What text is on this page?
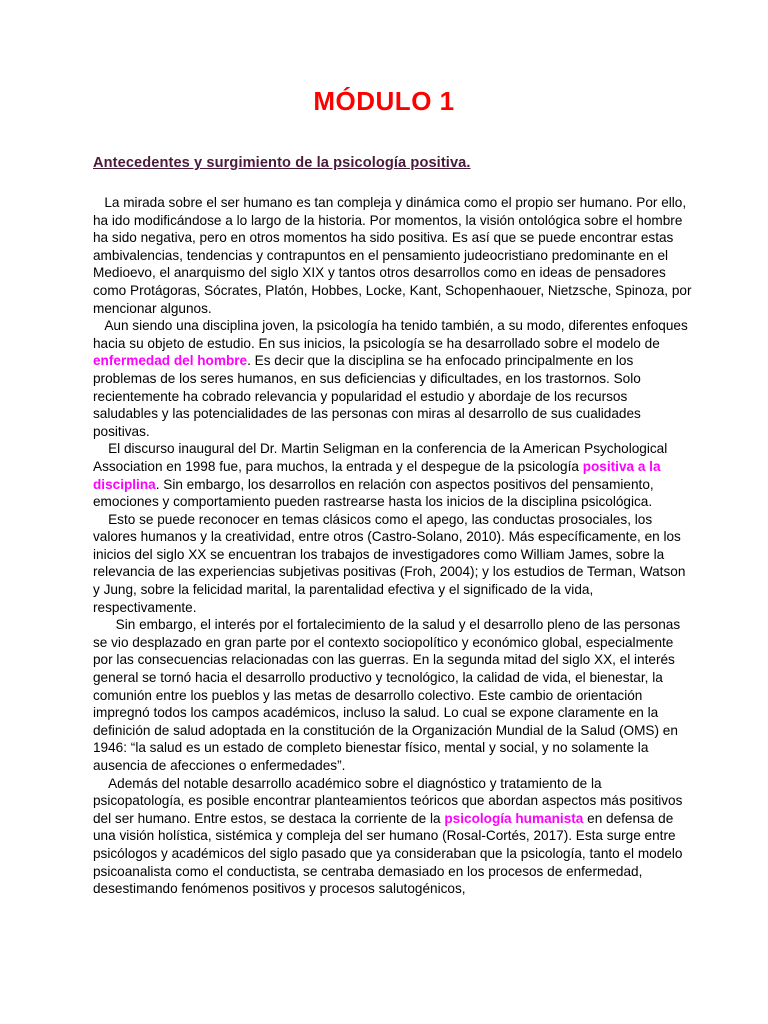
MÓDULO 1
Antecedentes y surgimiento de la psicología positiva.

La mirada sobre el ser humano es tan compleja y dinámica como el propio ser humano. Por ello, ha ido modificándose a lo largo de la historia. Por momentos, la visión ontológica sobre el hombre ha sido negativa, pero en otros momentos ha sido positiva. Es así que se puede encontrar estas ambivalencias, tendencias y contrapuntos en el pensamiento judeocristiano predominante en el Medioevo, el anarquismo del siglo XIX y tantos otros desarrollos como en ideas de pensadores como Protágoras, Sócrates, Platón, Hobbes, Locke, Kant, Schopenhaouer, Nietzsche, Spinoza, por mencionar algunos.

Aun siendo una disciplina joven, la psicología ha tenido también, a su modo, diferentes enfoques hacia su objeto de estudio. En sus inicios, la psicología se ha desarrollado sobre el modelo de enfermedad del hombre. Es decir que la disciplina se ha enfocado principalmente en los problemas de los seres humanos, en sus deficiencias y dificultades, en los trastornos. Solo recientemente ha cobrado relevancia y popularidad el estudio y abordaje de los recursos saludables y las potencialidades de las personas con miras al desarrollo de sus cualidades positivas.

El discurso inaugural del Dr. Martin Seligman en la conferencia de la American Psychological Association en 1998 fue, para muchos, la entrada y el despegue de la psicología positiva a la disciplina. Sin embargo, los desarrollos en relación con aspectos positivos del pensamiento, emociones y comportamiento pueden rastrearse hasta los inicios de la disciplina psicológica.

Esto se puede reconocer en temas clásicos como el apego, las conductas prosociales, los valores humanos y la creatividad, entre otros (Castro-Solano, 2010). Más específicamente, en los inicios del siglo XX se encuentran los trabajos de investigadores como William James, sobre la relevancia de las experiencias subjetivas positivas (Froh, 2004); y los estudios de Terman, Watson y Jung, sobre la felicidad marital, la parentalidad efectiva y el significado de la vida, respectivamente.

Sin embargo, el interés por el fortalecimiento de la salud y el desarrollo pleno de las personas se vio desplazado en gran parte por el contexto sociopolítico y económico global, especialmente por las consecuencias relacionadas con las guerras. En la segunda mitad del siglo XX, el interés general se tornó hacia el desarrollo productivo y tecnológico, la calidad de vida, el bienestar, la comunión entre los pueblos y las metas de desarrollo colectivo. Este cambio de orientación impregnó todos los campos académicos, incluso la salud. Lo cual se expone claramente en la definición de salud adoptada en la constitución de la Organización Mundial de la Salud (OMS) en 1946: “la salud es un estado de completo bienestar físico, mental y social, y no solamente la ausencia de afecciones o enfermedades”.

Además del notable desarrollo académico sobre el diagnóstico y tratamiento de la psicopatología, es posible encontrar planteamientos teóricos que abordan aspectos más positivos del ser humano. Entre estos, se destaca la corriente de la psicología humanista en defensa de una visión holística, sistémica y compleja del ser humano (Rosal-Cortés, 2017). Esta surge entre psicólogos y académicos del siglo pasado que ya consideraban que la psicología, tanto el modelo psicoanalista como el conductista, se centraba demasiado en los procesos de enfermedad, desestimando fenómenos positivos y procesos salutogénicos,
